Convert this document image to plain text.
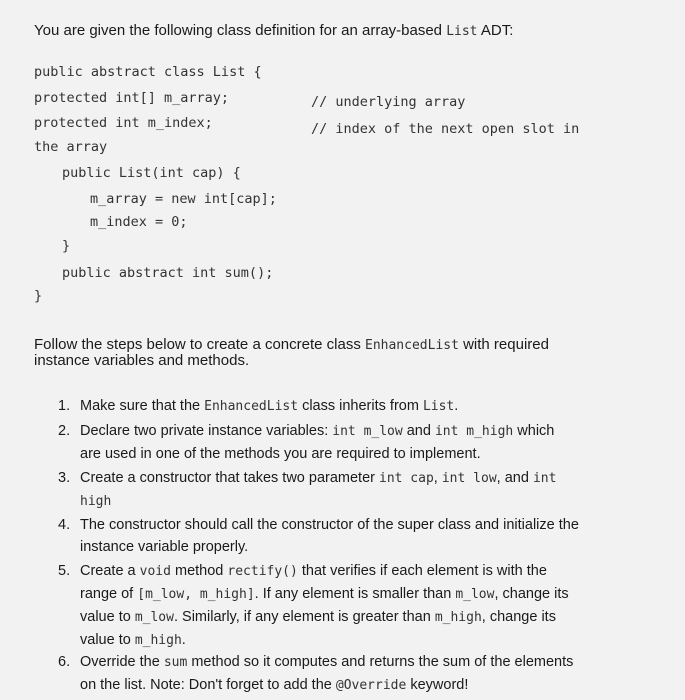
You are given the following class definition for an array-based List ADT:
public abstract class List {
protected int[] m_array;	// underlying array
protected int m_index;	// index of the next open slot in
the array
public List(int cap) {
m_array = new int[cap];
m_index = 0;
}
public abstract int sum();
}
Follow the steps below to create a concrete class EnhancedList with required
instance variables and methods.
1. Make sure that the EnhancedList class inherits from List.
2. Declare two private instance variables: int m_low and int m_high which
are used in one of the methods you are required to implement.
3. Create a constructor that takes two parameter int cap, int low, and int
high
4. The constructor should call the constructor of the super class and initialize the
instance variable properly.
5. Create a void method rectify() that verifies if each element is with the
range of [m_low, m_high]. If any element is smaller than m_low, change its
value to m_low. Similarly, if any element is greater than m_high, change its
value to m_high.
6. Override the sum method so it computes and returns the sum of the elements
on the list. Note: Don't forget to add the @Override keyword!
